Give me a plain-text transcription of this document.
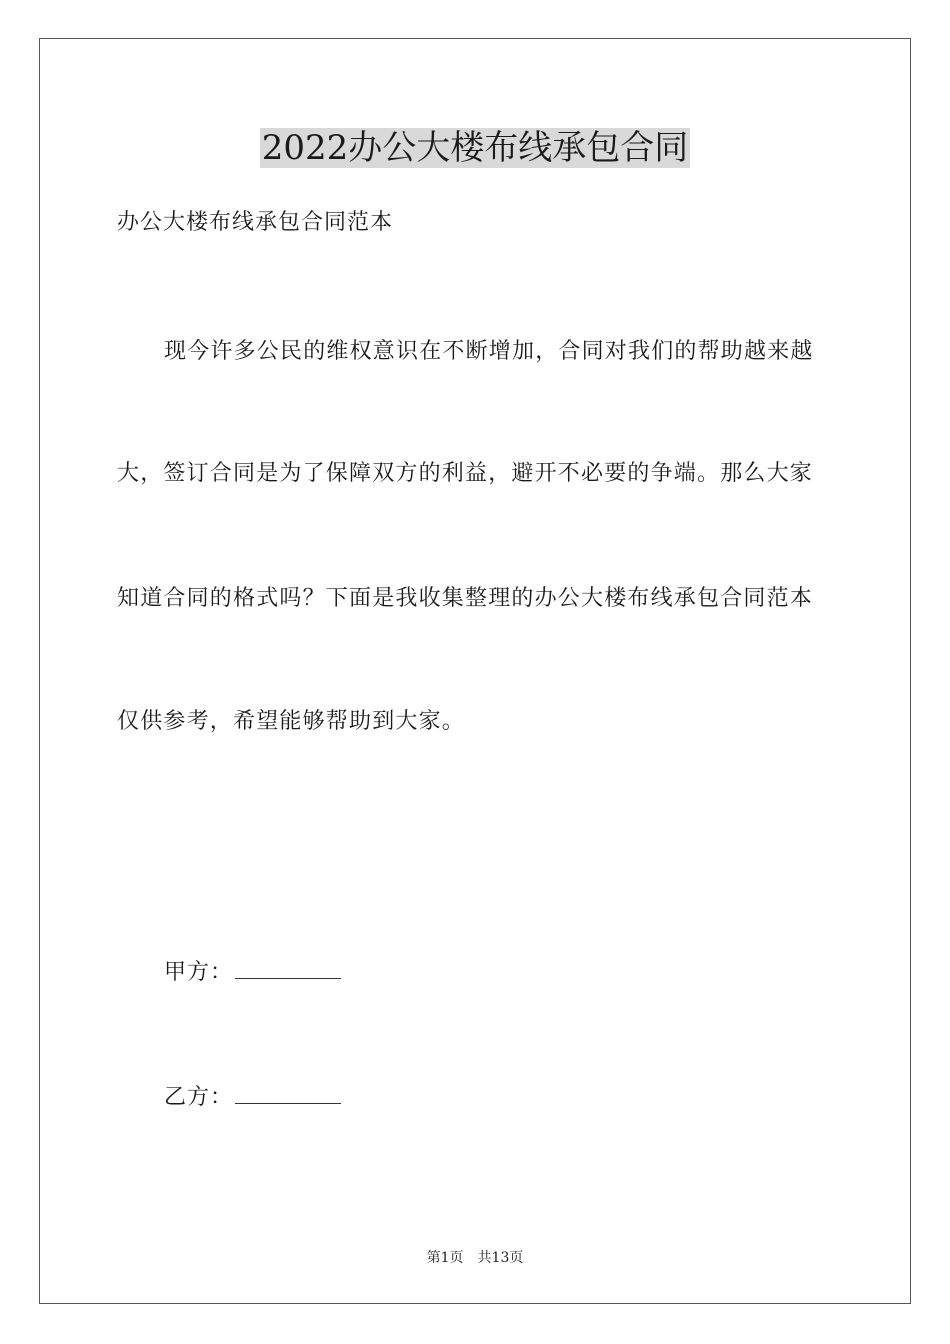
2022办公大楼布线承包合同

办公大楼布线承包合同范本

现今许多公民的维权意识在不断增加，合同对我们的帮助越来越

大，签订合同是为了保障双方的利益，避开不必要的争端。那么大家

知道合同的格式吗？下面是我收集整理的办公大楼布线承包合同范本

仅供参考，希望能够帮助到大家。

甲方：
乙方：
第1页 共13页
